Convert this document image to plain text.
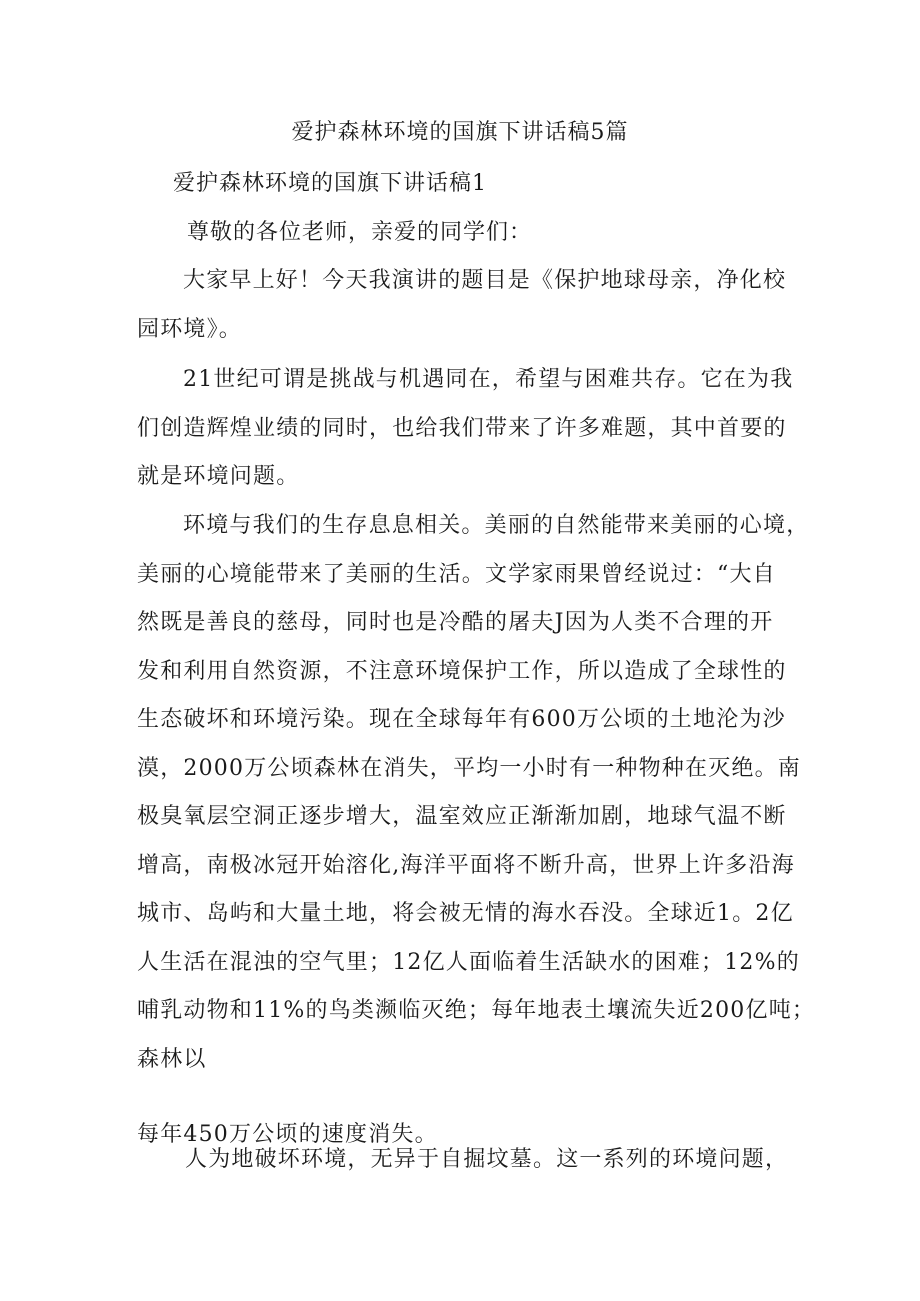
爱护森林环境的国旗下讲话稿5篇
爱护森林环境的国旗下讲话稿1
尊敬的各位老师，亲爱的同学们：
大家早上好！今天我演讲的题目是《保护地球母亲，净化校
园环境》。
21世纪可谓是挑战与机遇同在，希望与困难共存。它在为我
们创造辉煌业绩的同时，也给我们带来了许多难题，其中首要的
就是环境问题。
环境与我们的生存息息相关。美丽的自然能带来美丽的心境，
美丽的心境能带来了美丽的生活。文学家雨果曾经说过：“大自
然既是善良的慈母，同时也是冷酷的屠夫J因为人类不合理的开
发和利用自然资源，不注意环境保护工作，所以造成了全球性的
生态破坏和环境污染。现在全球每年有600万公顷的土地沦为沙
漠，2000万公顷森林在消失，平均一小时有一种物种在灭绝。南
极臭氧层空洞正逐步增大，温室效应正渐渐加剧，地球气温不断
增高，南极冰冠开始溶化,海洋平面将不断升高，世界上许多沿海
城市、岛屿和大量土地，将会被无情的海水吞没。全球近1。2亿
人生活在混浊的空气里；12亿人面临着生活缺水的困难；12%的
哺乳动物和11%的鸟类濒临灭绝；每年地表土壤流失近200亿吨；
森林以
每年450万公顷的速度消失。
人为地破坏环境，无异于自掘坟墓。这一系列的环境问题，
